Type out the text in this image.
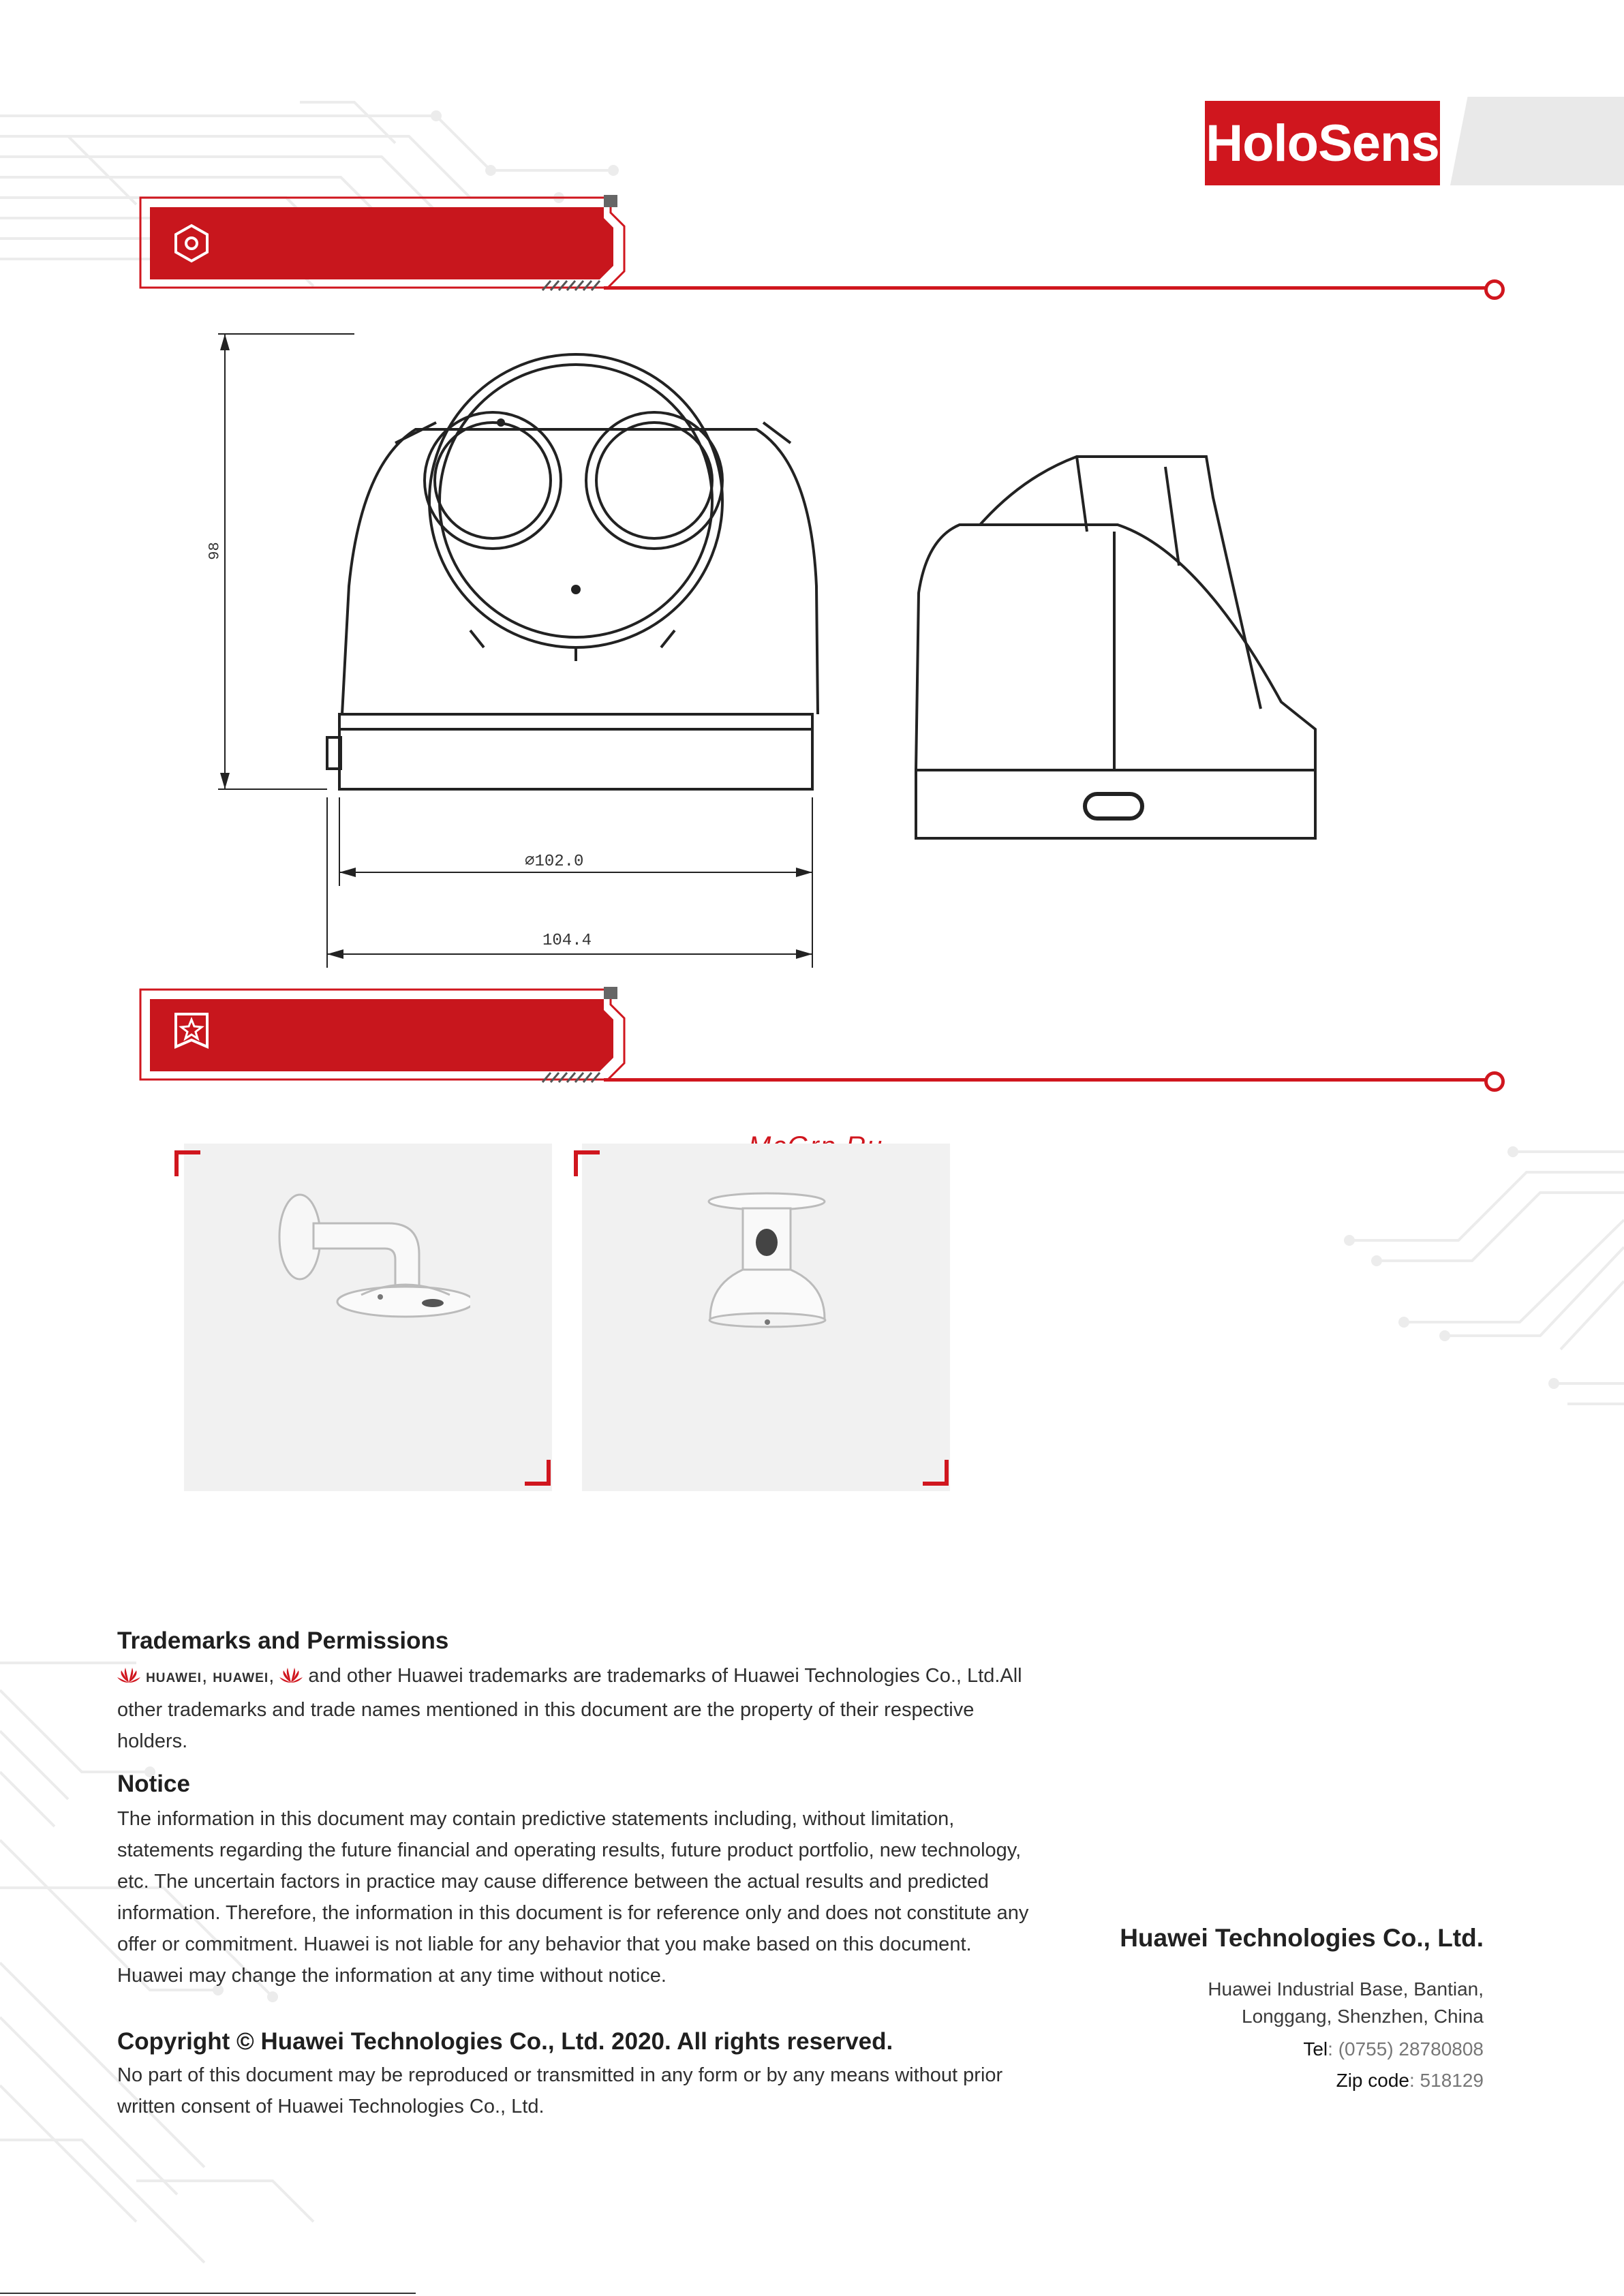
HoloSens
98
∅102.0
104.4
Trademarks and Permissions

HUAWEI, HUAWEI,  and other Huawei trademarks are trademarks of Huawei Technologies Co., Ltd.All other trademarks and trade names mentioned in this document are the property of their respective holders.

Notice

The information in this document may contain predictive statements including, without limitation, statements regarding the future financial and operating results, future product portfolio, new technology, etc. The uncertain factors in practice may cause difference between the actual results and predicted information. Therefore, the information in this document is for reference only and does not constitute any offer or commitment. Huawei is not liable for any behavior that you make based on this document. Huawei may change the information at any time without notice.

Copyright © Huawei Technologies Co., Ltd. 2020. All rights reserved.

No part of this document may be reproduced or transmitted in any form or by any means without prior written consent of Huawei Technologies Co., Ltd.

Huawei Technologies Co., Ltd.
Huawei Industrial Base, Bantian,
Longgang, Shenzhen, China
Tel: (0755) 28780808
Zip code: 518129
